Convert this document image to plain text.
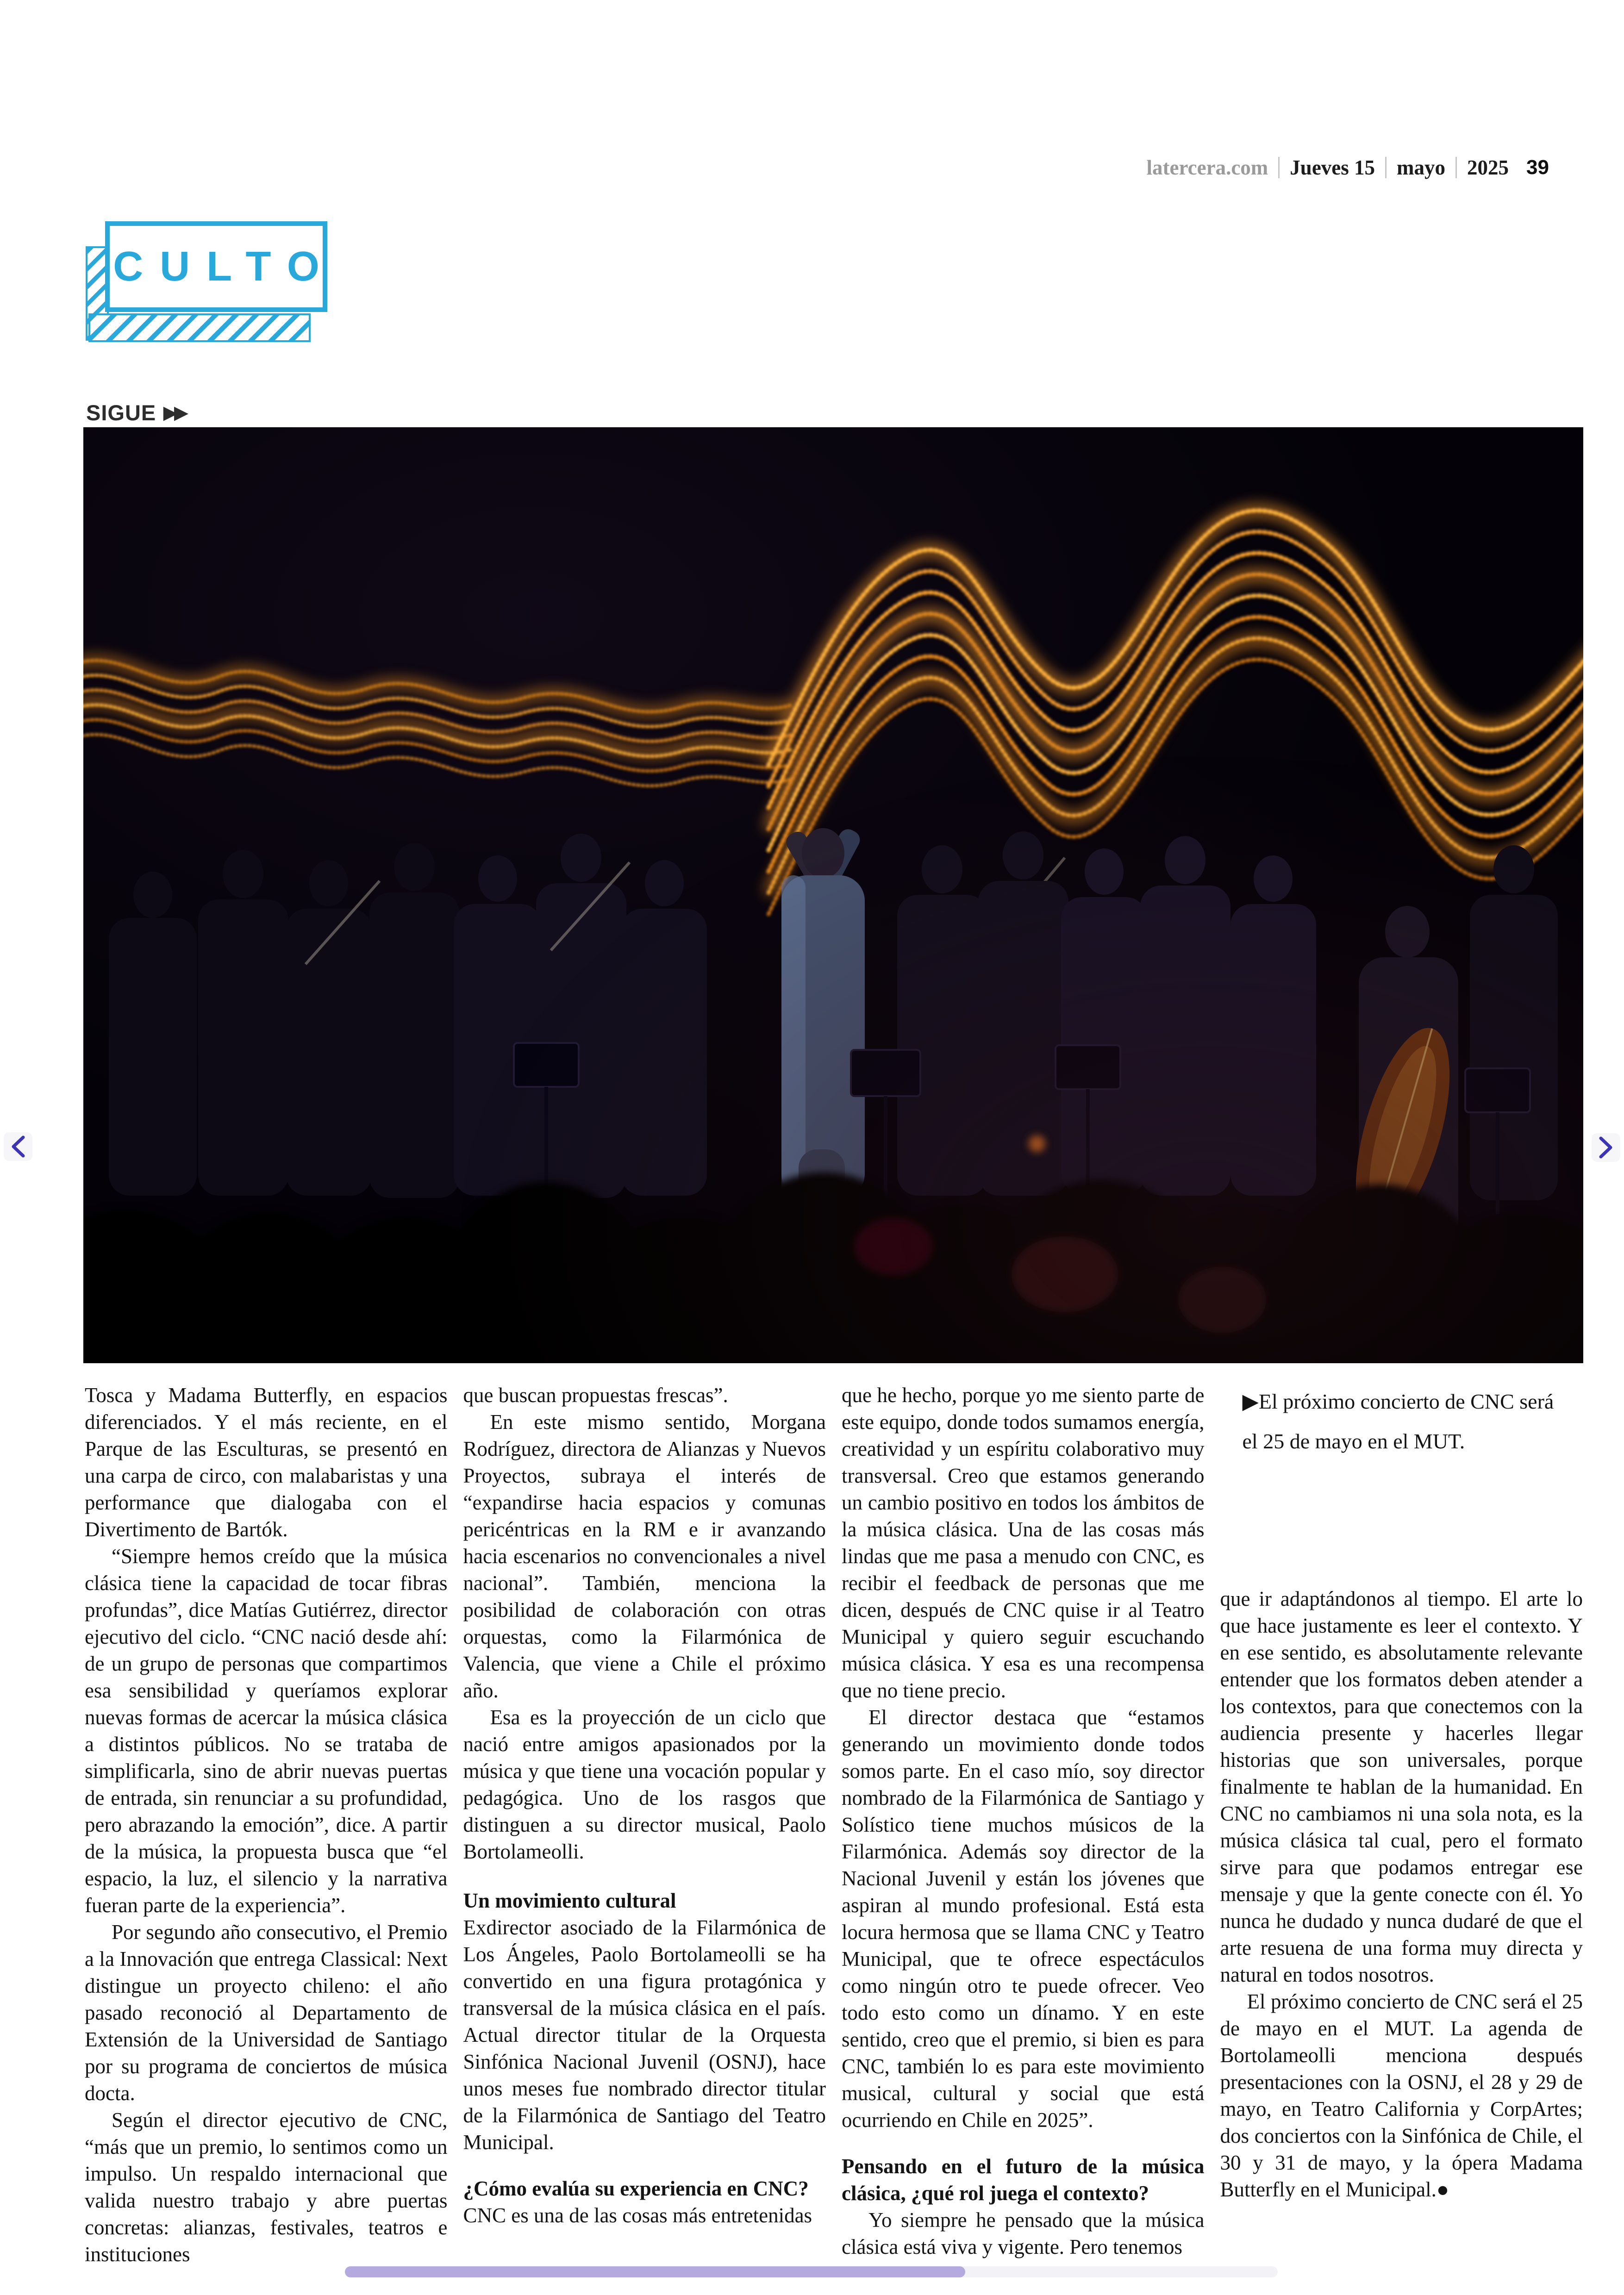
latercera.com Jueves 15 mayo 2025 39
CULTO
SIGUE ▶▶
Tosca y Madama Butterfly, en espacios diferenciados. Y el más reciente, en el Parque de las Esculturas, se presentó en una carpa de circo, con malabaristas y una performance que dialogaba con el Divertimento de Bartók.
“Siempre hemos creído que la música clásica tiene la capacidad de tocar fibras profundas”, dice Matías Gutiérrez, director ejecutivo del ciclo. “CNC nació desde ahí: de un grupo de personas que compartimos esa sensibilidad y queríamos explorar nuevas formas de acercar la música clásica a distintos públicos. No se trataba de simplificarla, sino de abrir nuevas puertas de entrada, sin renunciar a su profundidad, pero abrazando la emoción”, dice. A partir de la música, la propuesta busca que “el espacio, la luz, el silencio y la narrativa fueran parte de la experiencia”.
Por segundo año consecutivo, el Premio a la Innovación que entrega Classical: Next distingue un proyecto chileno: el año pasado reconoció al Departamento de Extensión de la Universidad de Santiago por su programa de conciertos de música docta.
Según el director ejecutivo de CNC, “más que un premio, lo sentimos como un impulso. Un respaldo internacional que valida nuestro trabajo y abre puertas concretas: alianzas, festivales, teatros e instituciones
que buscan propuestas frescas”.
En este mismo sentido, Morgana Rodríguez, directora de Alianzas y Nuevos Proyectos, subraya el interés de “expandirse hacia espacios y comunas pericéntricas en la RM e ir avanzando hacia escenarios no convencionales a nivel nacional”. También, menciona la posibilidad de colaboración con otras orquestas, como la Filarmónica de Valencia, que viene a Chile el próximo año.
Esa es la proyección de un ciclo que nació entre amigos apasionados por la música y que tiene una vocación popular y pedagógica. Uno de los rasgos que distinguen a su director musical, Paolo Bortolameolli.
Un movimiento cultural
Exdirector asociado de la Filarmónica de Los Ángeles, Paolo Bortolameolli se ha convertido en una figura protagónica y transversal de la música clásica en el país. Actual director titular de la Orquesta Sinfónica Nacional Juvenil (OSNJ), hace unos meses fue nombrado director titular de la Filarmónica de Santiago del Teatro Municipal.
¿Cómo evalúa su experiencia en CNC?
CNC es una de las cosas más entretenidas
que he hecho, porque yo me siento parte de este equipo, donde todos sumamos energía, creatividad y un espíritu colaborativo muy transversal. Creo que estamos generando un cambio positivo en todos los ámbitos de la música clásica. Una de las cosas más lindas que me pasa a menudo con CNC, es recibir el feedback de personas que me dicen, después de CNC quise ir al Teatro Municipal y quiero seguir escuchando música clásica. Y esa es una recompensa que no tiene precio.
El director destaca que “estamos generando un movimiento donde todos somos parte. En el caso mío, soy director nombrado de la Filarmónica de Santiago y Solístico tiene muchos músicos de la Filarmónica. Además soy director de la Nacional Juvenil y están los jóvenes que aspiran al mundo profesional. Está esta locura hermosa que se llama CNC y Teatro Municipal, que te ofrece espectáculos como ningún otro te puede ofrecer. Veo todo esto como un dínamo. Y en este sentido, creo que el premio, si bien es para CNC, también lo es para este movimiento musical, cultural y social que está ocurriendo en Chile en 2025”.
Pensando en el futuro de la música clásica, ¿qué rol juega el contexto?
Yo siempre he pensado que la música clásica está viva y vigente. Pero tenemos
▶El próximo concierto de CNC será el 25 de mayo en el MUT.
que ir adaptándonos al tiempo. El arte lo que hace justamente es leer el contexto. Y en ese sentido, es absolutamente relevante entender que los formatos deben atender a los contextos, para que conectemos con la audiencia presente y hacerles llegar historias que son universales, porque finalmente te hablan de la humanidad. En CNC no cambiamos ni una sola nota, es la música clásica tal cual, pero el formato sirve para que podamos entregar ese mensaje y que la gente conecte con él. Yo nunca he dudado y nunca dudaré de que el arte resuena de una forma muy directa y natural en todos nosotros.
El próximo concierto de CNC será el 25 de mayo en el MUT. La agenda de Bortolameolli menciona después presentaciones con la OSNJ, el 28 y 29 de mayo, en Teatro California y CorpArtes; dos conciertos con la Sinfónica de Chile, el 30 y 31 de mayo, y la ópera Madama Butterfly en el Municipal.●
